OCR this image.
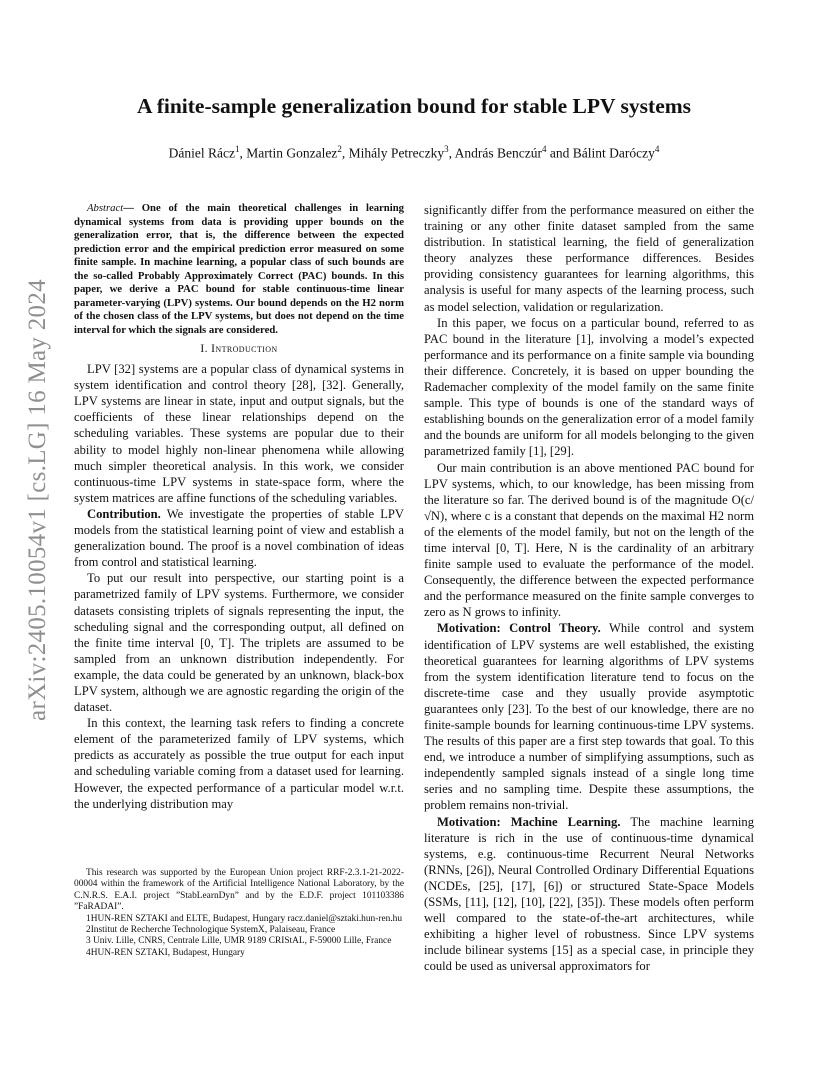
arXiv:2405.10054v1 [cs.LG] 16 May 2024
A finite-sample generalization bound for stable LPV systems
Dániel Rácz$^1$, Martin Gonzalez$^2$, Mihály Petreczky$^3$, András Benczúr$^4$ and Bálint Daróczy$^4$

Abstract— One of the main theoretical challenges in learning dynamical systems from data is providing upper bounds on the generalization error, that is, the difference between the expected prediction error and the empirical prediction error measured on some finite sample. In machine learning, a popular class of such bounds are the so-called Probably Approximately Correct (PAC) bounds. In this paper, we derive a PAC bound for stable continuous-time linear parameter-varying (LPV) systems. Our bound depends on the H2 norm of the chosen class of the LPV systems, but does not depend on the time interval for which the signals are considered.

I. Introduction

LPV [32] systems are a popular class of dynamical systems in system identification and control theory [28], [32]. Generally, LPV systems are linear in state, input and output signals, but the coefficients of these linear relationships depend on the scheduling variables. These systems are popular due to their ability to model highly non-linear phenomena while allowing much simpler theoretical analysis. In this work, we consider continuous-time LPV systems in state-space form, where the system matrices are affine functions of the scheduling variables.

Contribution. We investigate the properties of stable LPV models from the statistical learning point of view and establish a generalization bound. The proof is a novel combination of ideas from control and statistical learning.

To put our result into perspective, our starting point is a parametrized family of LPV systems. Furthermore, we consider datasets consisting triplets of signals representing the input, the scheduling signal and the corresponding output, all defined on the finite time interval [0, T]. The triplets are assumed to be sampled from an unknown distribution independently. For example, the data could be generated by an unknown, black-box LPV system, although we are agnostic regarding the origin of the dataset.

In this context, the learning task refers to finding a concrete element of the parameterized family of LPV systems, which predicts as accurately as possible the true output for each input and scheduling variable coming from a dataset used for learning. However, the expected performance of a particular model w.r.t. the underlying distribution may

significantly differ from the performance measured on either the training or any other finite dataset sampled from the same distribution. In statistical learning, the field of generalization theory analyzes these performance differences. Besides providing consistency guarantees for learning algorithms, this analysis is useful for many aspects of the learning process, such as model selection, validation or regularization.

In this paper, we focus on a particular bound, referred to as PAC bound in the literature [1], involving a model’s expected performance and its performance on a finite sample via bounding their difference. Concretely, it is based on upper bounding the Rademacher complexity of the model family on the same finite sample. This type of bounds is one of the standard ways of establishing bounds on the generalization error of a model family and the bounds are uniform for all models belonging to the given parametrized family [1], [29].

Our main contribution is an above mentioned PAC bound for LPV systems, which, to our knowledge, has been missing from the literature so far. The derived bound is of the magnitude O(c/√N), where c is a constant that depends on the maximal H2 norm of the elements of the model family, but not on the length of the time interval [0, T]. Here, N is the cardinality of an arbitrary finite sample used to evaluate the performance of the model. Consequently, the difference between the expected performance and the performance measured on the finite sample converges to zero as N grows to infinity.

Motivation: Control Theory. While control and system identification of LPV systems are well established, the existing theoretical guarantees for learning algorithms of LPV systems from the system identification literature tend to focus on the discrete-time case and they usually provide asymptotic guarantees only [23]. To the best of our knowledge, there are no finite-sample bounds for learning continuous-time LPV systems. The results of this paper are a first step towards that goal. To this end, we introduce a number of simplifying assumptions, such as independently sampled signals instead of a single long time series and no sampling time. Despite these assumptions, the problem remains non-trivial.

Motivation: Machine Learning. The machine learning literature is rich in the use of continuous-time dynamical systems, e.g. continuous-time Recurrent Neural Networks (RNNs, [26]), Neural Controlled Ordinary Differential Equations (NCDEs, [25], [17], [6]) or structured State-Space Models (SSMs, [11], [12], [10], [22], [35]). These models often perform well compared to the state-of-the-art architectures, while exhibiting a higher level of robustness. Since LPV systems include bilinear systems [15] as a special case, in principle they could be used as universal approximators for

This research was supported by the European Union project RRF-2.3.1-21-2022-00004 within the framework of the Artificial Intelligence National Laboratory, by the C.N.R.S. E.A.I. project ”StabLearnDyn” and by the E.D.F. project 101103386 ”FaRADAI”.

1HUN-REN SZTAKI and ELTE, Budapest, Hungary racz.daniel@sztaki.hun-ren.hu

2Institut de Recherche Technologique SystemX, Palaiseau, France

3 Univ. Lille, CNRS, Centrale Lille, UMR 9189 CRIStAL, F-59000 Lille, France

4HUN-REN SZTAKI, Budapest, Hungary
